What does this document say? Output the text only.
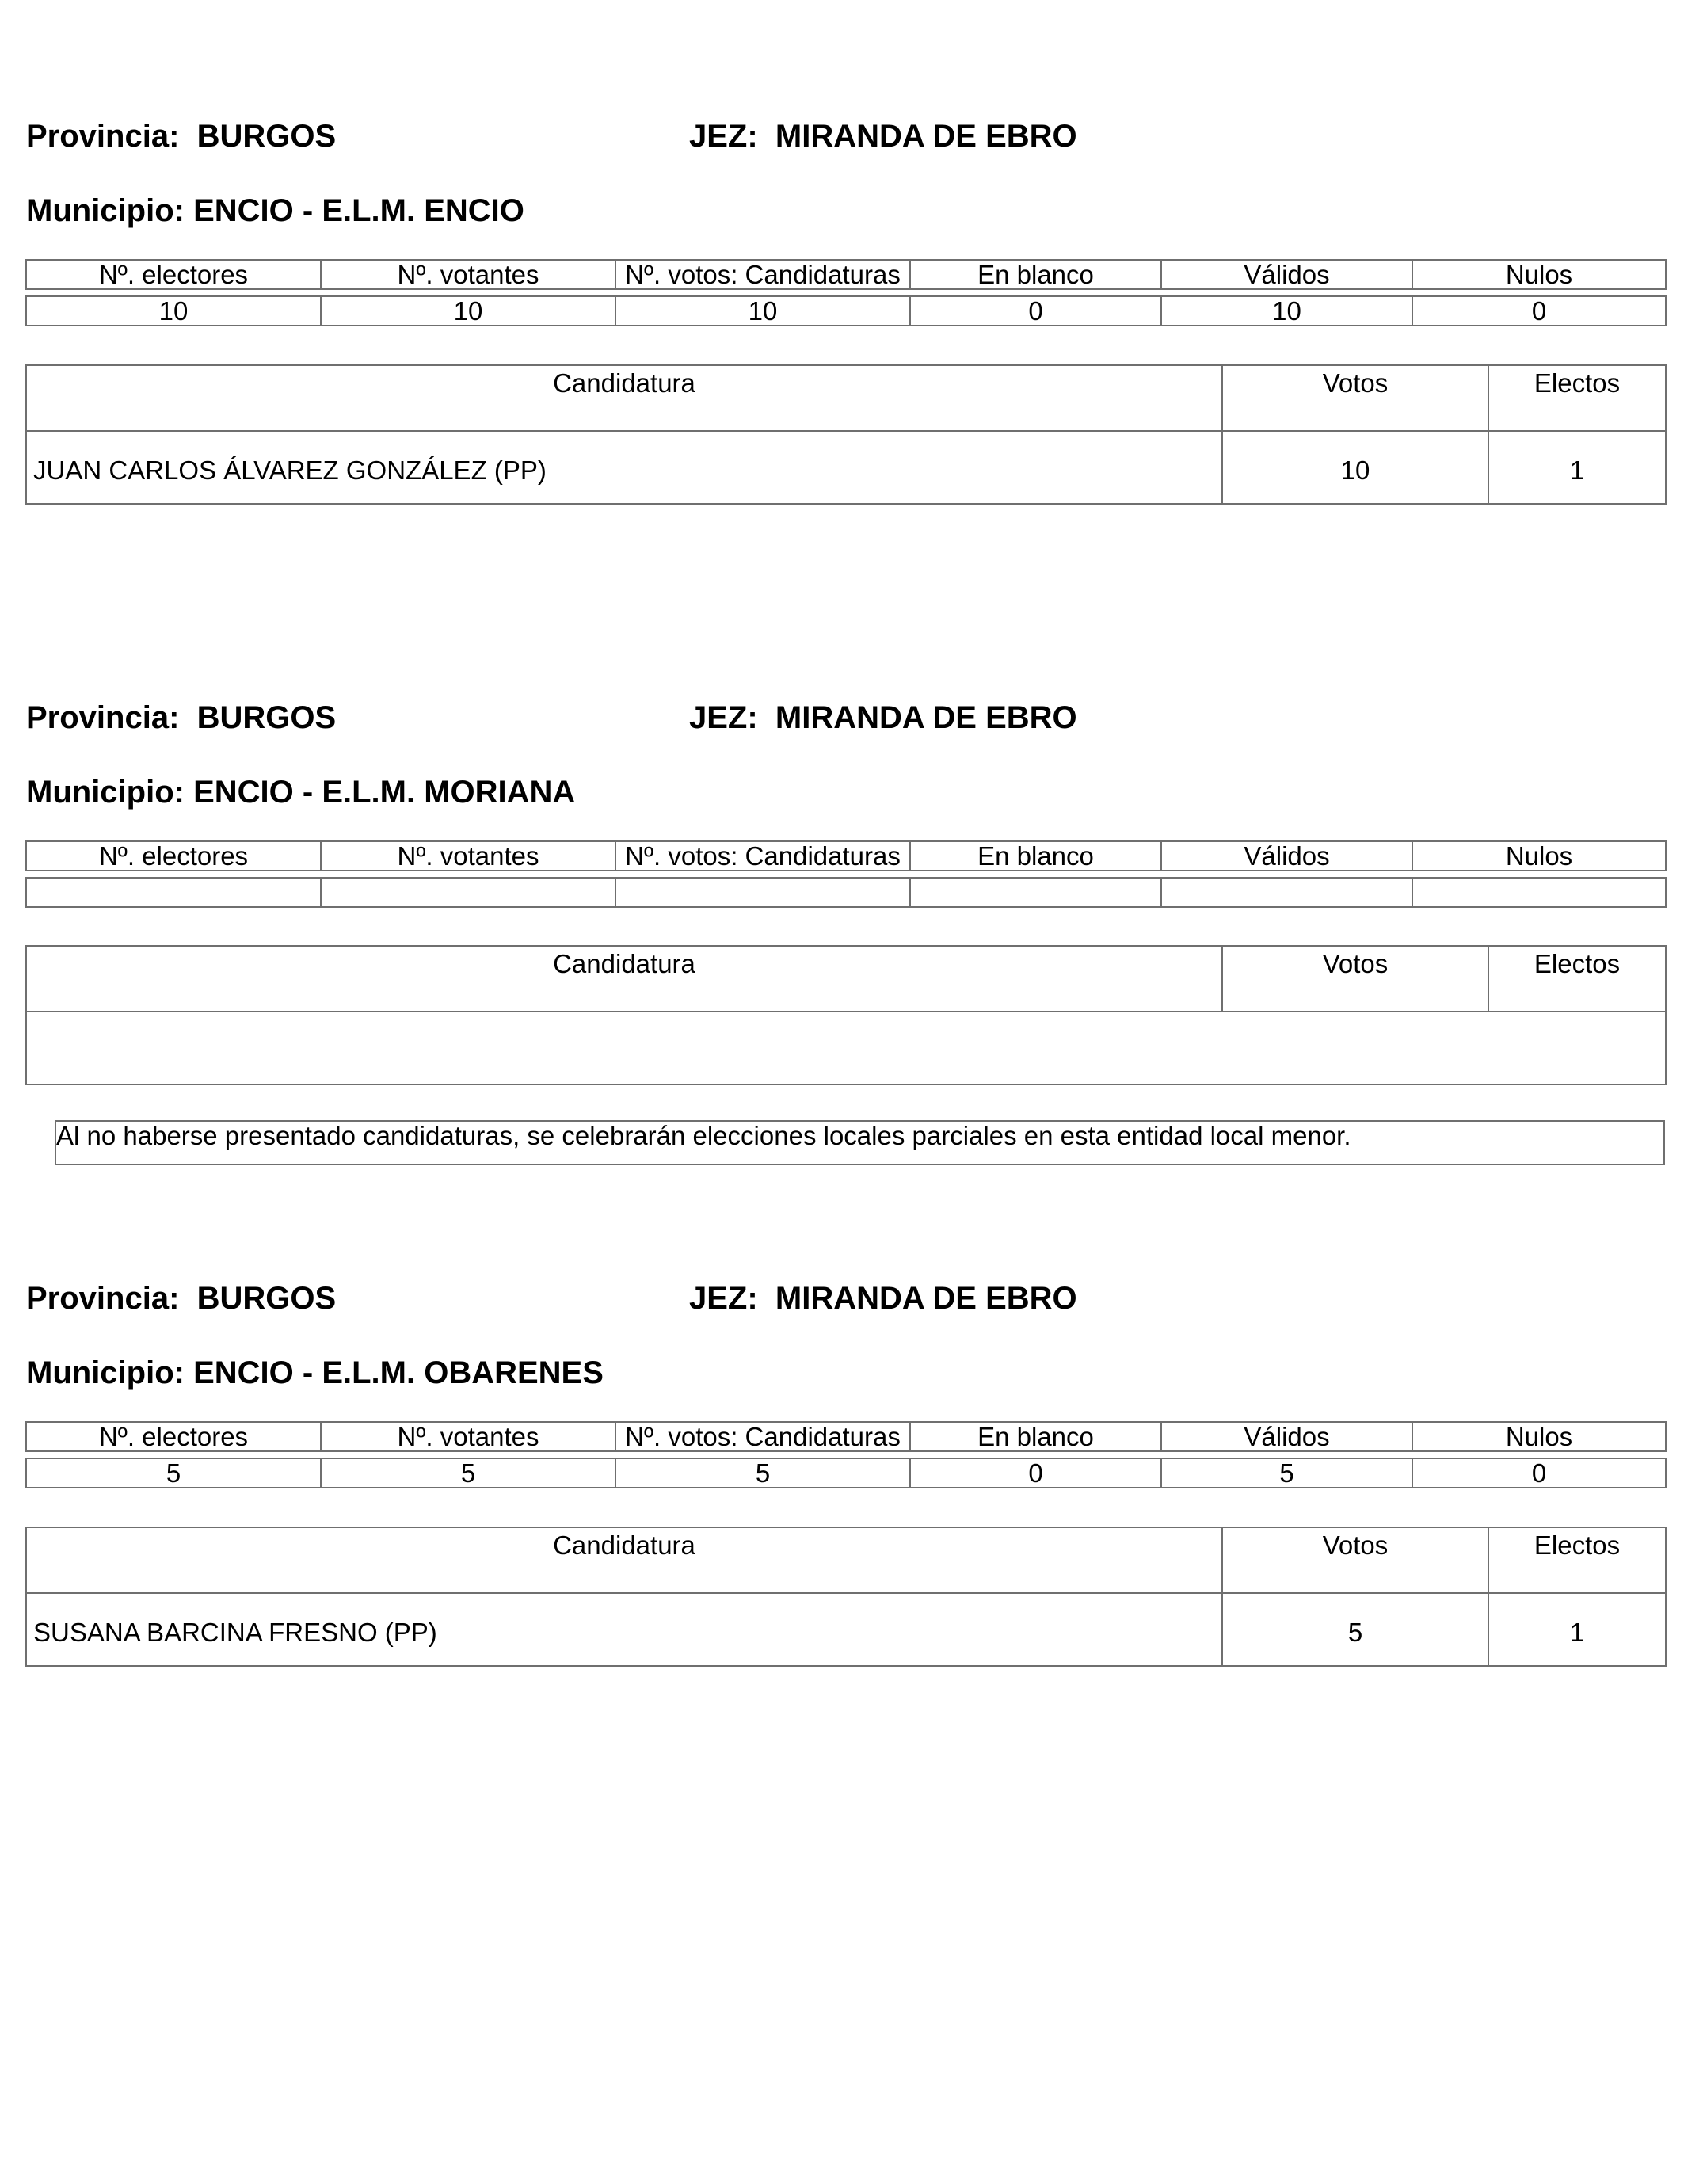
Provincia: BURGOS	JEZ: MIRANDA DE EBRO
Municipio: ENCIO - E.L.M. ENCIO
Nº. electores	Nº. votantes	Nº. votos: Candidaturas	En blanco	Válidos	Nulos

10	10	10	0	10	0
Candidatura	Votos	Electos
JUAN CARLOS ÁLVAREZ GONZÁLEZ (PP)	10	1
Provincia: BURGOS	JEZ: MIRANDA DE EBRO
Municipio: ENCIO - E.L.M. MORIANA
Nº. electores	Nº. votantes	Nº. votos: Candidaturas	En blanco	Válidos	Nulos

Candidatura	Votos	Electos

Al no haberse presentado candidaturas, se celebrarán elecciones locales parciales en esta entidad local menor.
Provincia: BURGOS	JEZ: MIRANDA DE EBRO
Municipio: ENCIO - E.L.M. OBARENES
Nº. electores	Nº. votantes	Nº. votos: Candidaturas	En blanco	Válidos	Nulos

5	5	5	0	5	0
Candidatura	Votos	Electos
SUSANA BARCINA FRESNO (PP)	5	1
